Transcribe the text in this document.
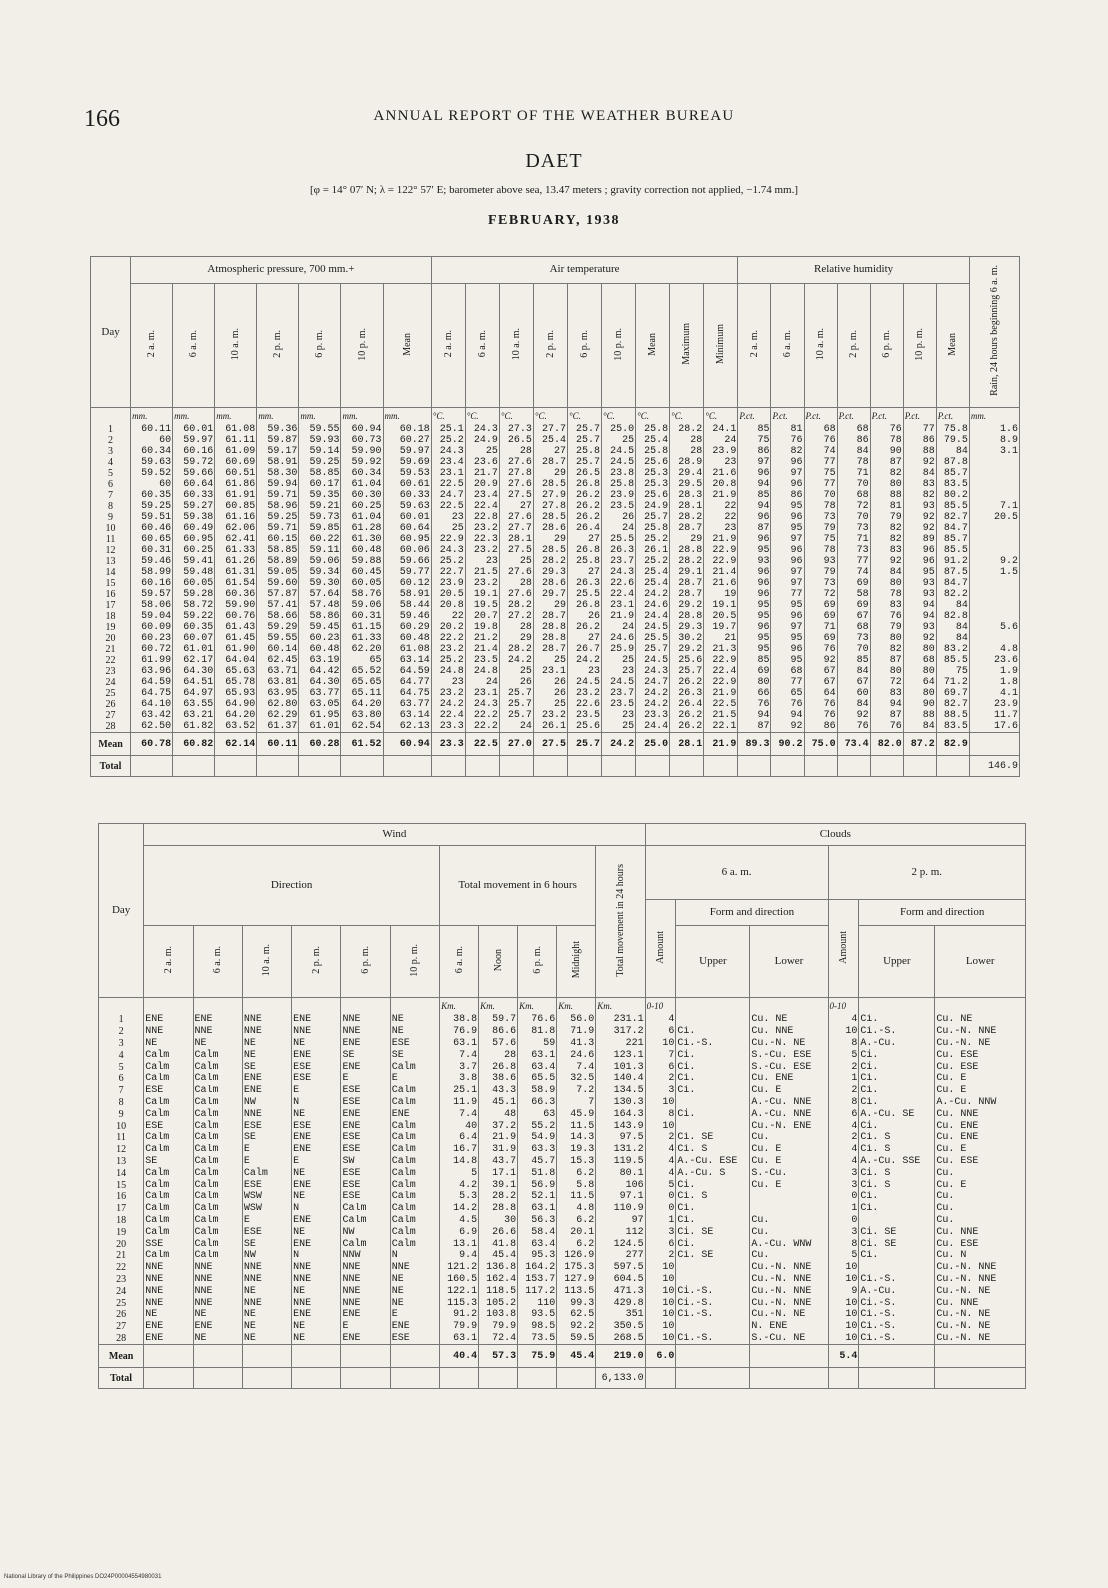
166	ANNUAL REPORT OF THE WEATHER BUREAU
DAET
[φ = 14° 07′ N; λ = 122° 57′ E; barometer above sea, 13.47 meters ; gravity correction not applied, −1.74 mm.]
FEBRUARY, 1938
Day	Atmospheric pressure, 700 mm.+							Air temperature									Relative humidity							Rain, 24 hours beginning 6 a. m.
	2 a. m.	6 a. m.	10 a. m.	2 p. m.	6 p. m.	10 p. m.	Mean	2 a. m.	6 a. m.	10 a. m.	2 p. m.	6 p. m.	10 p. m.	Mean	Maximum	Minimum	2 a. m.	6 a. m.	10 a. m.	2 p. m.	6 p. m.	10 p. m.	Mean	
	mm.	mm.	mm.	mm.	mm.	mm.	mm.	°C.	°C.	°C.	°C.	°C.	°C.	°C.	°C.	°C.	P.ct.	P.ct.	P.ct.	P.ct.	P.ct.	P.ct.	P.ct.	mm.
1	60.11	60.01	61.08	59.36	59.55	60.94	60.18	25.1	24.3	27.3	27.7	25.7	25.0	25.8	28.2	24.1	85	81	68	68	76	77	75.8	1.6
2	60	59.97	61.11	59.87	59.93	60.73	60.27	25.2	24.9	26.5	25.4	25.7	25	25.4	28	24	75	76	76	86	78	86	79.5	8.9
3	60.34	60.16	61.09	59.17	59.14	59.90	59.97	24.3	25	28	27	25.8	24.5	25.8	28	23.9	86	82	74	84	90	88	84	3.1
4	59.63	59.72	60.69	58.91	59.25	59.92	59.69	23.4	23.6	27.6	28.7	25.7	24.5	25.6	28.9	23	97	96	77	78	87	92	87.8	
5	59.52	59.66	60.51	58.30	58.85	60.34	59.53	23.1	21.7	27.8	29	26.5	23.8	25.3	29.4	21.6	96	97	75	71	82	84	85.7	
6	60	60.64	61.86	59.94	60.17	61.04	60.61	22.5	20.9	27.6	28.5	26.8	25.8	25.3	29.5	20.8	94	96	77	70	80	83	83.5	
7	60.35	60.33	61.91	59.71	59.35	60.30	60.33	24.7	23.4	27.5	27.9	26.2	23.9	25.6	28.3	21.9	85	86	70	68	88	82	80.2	
8	59.25	59.27	60.85	58.96	59.21	60.25	59.63	22.5	22.4	27	27.8	26.2	23.5	24.9	28.1	22	94	95	78	72	81	93	85.5	7.1
9	59.51	59.38	61.16	59.25	59.73	61.04	60.01	23	22.8	27.6	28.5	26.2	26	25.7	28.2	22	96	96	73	70	79	92	82.7	20.5
10	60.46	60.49	62.06	59.71	59.85	61.28	60.64	25	23.2	27.7	28.6	26.4	24	25.8	28.7	23	87	95	79	73	82	92	84.7	
11	60.65	60.95	62.41	60.15	60.22	61.30	60.95	22.9	22.3	28.1	29	27	25.5	25.2	29	21.9	96	97	75	71	82	89	85.7	
12	60.31	60.25	61.33	58.85	59.11	60.48	60.06	24.3	23.2	27.5	28.5	26.8	26.3	26.1	28.8	22.9	95	96	78	73	83	96	85.5	
13	59.46	59.41	61.26	58.89	59.06	59.88	59.66	25.2	23	25	28.2	25.8	23.7	25.2	28.2	22.9	93	96	93	77	92	96	91.2	9.2
14	58.99	59.48	61.31	59.05	59.34	60.45	59.77	22.7	21.5	27.6	29.3	27	24.3	25.4	29.1	21.4	96	97	79	74	84	95	87.5	1.5
15	60.16	60.05	61.54	59.60	59.30	60.05	60.12	23.9	23.2	28	28.6	26.3	22.6	25.4	28.7	21.6	96	97	73	69	80	93	84.7	
16	59.57	59.28	60.36	57.87	57.64	58.76	58.91	20.5	19.1	27.6	29.7	25.5	22.4	24.2	28.7	19	96	77	72	58	78	93	82.2	
17	58.06	58.72	59.90	57.41	57.48	59.06	58.44	20.8	19.5	28.2	29	26.8	23.1	24.6	29.2	19.1	95	95	69	69	83	94	84	
18	59.04	59.22	60.76	58.66	58.86	60.31	59.46	22	20.7	27.2	28.7	26	21.9	24.4	28.8	20.5	95	96	69	67	76	94	82.8	
19	60.09	60.35	61.43	59.29	59.45	61.15	60.29	20.2	19.8	28	28.8	26.2	24	24.5	29.3	19.7	96	97	71	68	79	93	84	5.6
20	60.23	60.07	61.45	59.55	60.23	61.33	60.48	22.2	21.2	29	28.8	27	24.6	25.5	30.2	21	95	95	69	73	80	92	84	
21	60.72	61.01	61.90	60.14	60.48	62.20	61.08	23.2	21.4	28.2	28.7	26.7	25.9	25.7	29.2	21.3	95	96	76	70	82	80	83.2	4.8
22	61.99	62.17	64.04	62.45	63.19	65	63.14	25.2	23.5	24.2	25	24.2	25	24.5	25.6	22.9	85	95	92	85	87	68	85.5	23.6
23	63.96	64.30	65.63	63.71	64.42	65.52	64.59	24.8	24.8	25	23.1	23	23	24.3	25.7	22.4	69	68	67	84	80	80	75	1.9
24	64.59	64.51	65.78	63.81	64.30	65.65	64.77	23	24	26	26	24.5	24.5	24.7	26.2	22.9	80	77	67	67	72	64	71.2	1.8
25	64.75	64.97	65.93	63.95	63.77	65.11	64.75	23.2	23.1	25.7	26	23.2	23.7	24.2	26.3	21.9	66	65	64	60	83	80	69.7	4.1
26	64.10	63.55	64.90	62.80	63.05	64.20	63.77	24.2	24.3	25.7	25	22.6	23.5	24.2	26.4	22.5	76	76	76	84	94	90	82.7	23.9
27	63.42	63.21	64.20	62.29	61.95	63.80	63.14	22.4	22.2	25.7	23.2	23.5	23	23.3	26.2	21.5	94	94	76	92	87	88	88.5	11.7
28	62.50	61.82	63.52	61.37	61.01	62.54	62.13	23.3	22.2	24	26.1	25.6	25	24.4	26.2	22.1	87	92	86	76	76	84	83.5	17.6
Mean	60.78	60.82	62.14	60.11	60.28	61.52	60.94	23.3	22.5	27.0	27.5	25.7	24.2	25.0	28.1	21.9	89.3	90.2	75.0	73.4	82.0	87.2	82.9	
Total																								146.9
Day	Wind											Clouds					
	Direction						Total movement in 6 hours				Total movement in 24 hours	6 a. m.			2 p. m.		
												Amount	Form and direction		Amount	Form and direction	
	2 a. m.	6 a. m.	10 a. m.	2 p. m.	6 p. m.	10 p. m.	6 a. m.	Noon	6 p. m.	Midnight			Upper	Lower		Upper	Lower
							Km.	Km.	Km.	Km.	Km.	0-10			0-10		
1	ENE	ENE	NNE	ENE	NNE	NE	38.8	59.7	76.6	56.0	231.1	4		Cu. NE	4	Ci.	Cu. NE
2	NNE	NNE	NNE	NNE	NNE	NE	76.9	86.6	81.8	71.9	317.2	6	Ci.	Cu. NNE	10	Ci.-S.	Cu.-N. NNE
3	NE	NE	NE	NE	ENE	ESE	63.1	57.6	59	41.3	221	10	Ci.-S.	Cu.-N. NE	8	A.-Cu.	Cu.-N. NE
4	Calm	Calm	NE	ENE	SE	SE	7.4	28	63.1	24.6	123.1	7	Ci.	S.-Cu. ESE	5	Ci.	Cu. ESE
5	Calm	Calm	SE	ESE	ENE	Calm	3.7	26.8	63.4	7.4	101.3	6	Ci.	S.-Cu. ESE	2	Ci.	Cu. ESE
6	Calm	Calm	ENE	ESE	E	E	3.8	38.6	65.5	32.5	140.4	2	Ci.	Cu. ENE	1	Ci.	Cu. E
7	ESE	Calm	ENE	E	ESE	Calm	25.1	43.3	58.9	7.2	134.5	3	Ci.	Cu. E	2	Ci.	Cu. E
8	Calm	Calm	NW	N	ESE	Calm	11.9	45.1	66.3	7	130.3	10		A.-Cu. NNE	8	Ci.	A.-Cu. NNW
9	Calm	Calm	NNE	NE	ENE	ENE	7.4	48	63	45.9	164.3	8	Ci.	A.-Cu. NNE	6	A.-Cu. SE	Cu. NNE
10	ESE	Calm	ESE	ESE	ENE	Calm	40	37.2	55.2	11.5	143.9	10		Cu.-N. ENE	4	Ci.	Cu. ENE
11	Calm	Calm	SE	ENE	ESE	Calm	6.4	21.9	54.9	14.3	97.5	2	Ci. SE	Cu.	2	Ci. S	Cu. ENE
12	Calm	Calm	E	ENE	ESE	Calm	16.7	31.9	63.3	19.3	131.2	4	Ci. S	Cu. E	4	Ci. S	Cu. E
13	SE	Calm	E	E	SW	Calm	14.8	43.7	45.7	15.3	119.5	4	A.-Cu. ESE	Cu. E	4	A.-Cu. SSE	Cu. ESE
14	Calm	Calm	Calm	NE	ESE	Calm	5	17.1	51.8	6.2	80.1	4	A.-Cu. S	S.-Cu.	3	Ci. S	Cu.
15	Calm	Calm	ESE	ENE	ESE	Calm	4.2	39.1	56.9	5.8	106	5	Ci.	Cu. E	3	Ci. S	Cu. E
16	Calm	Calm	WSW	NE	ESE	Calm	5.3	28.2	52.1	11.5	97.1	0	Ci. S		0	Ci.	Cu.
17	Calm	Calm	WSW	N	Calm	Calm	14.2	28.8	63.1	4.8	110.9	0	Ci.		1	Ci.	Cu.
18	Calm	Calm	E	ENE	Calm	Calm	4.5	30	56.3	6.2	97	1	Ci.	Cu.	0		Cu.
19	Calm	Calm	ESE	NE	NW	Calm	6.9	26.6	58.4	20.1	112	3	Ci. SE	Cu.	3	Ci. SE	Cu. NNE
20	SSE	Calm	SE	ENE	Calm	Calm	13.1	41.8	63.4	6.2	124.5	6	Ci.	A.-Cu. WNW	8	Ci. SE	Cu. ESE
21	Calm	Calm	NW	N	NNW	N	9.4	45.4	95.3	126.9	277	2	Ci. SE	Cu.	5	Ci.	Cu. N
22	NNE	NNE	NNE	NNE	NNE	NNE	121.2	136.8	164.2	175.3	597.5	10		Cu.-N. NNE	10		Cu.-N. NNE
23	NNE	NNE	NNE	NNE	NNE	NE	160.5	162.4	153.7	127.9	604.5	10		Cu.-N. NNE	10	Ci.-S.	Cu.-N. NNE
24	NNE	NNE	NE	NE	NNE	NE	122.1	118.5	117.2	113.5	471.3	10	Ci.-S.	Cu.-N. NNE	9	A.-Cu.	Cu.-N. NE
25	NNE	NNE	NNE	NNE	NNE	NE	115.3	105.2	110	99.3	429.8	10	Ci.-S.	Cu.-N. NNE	10	Ci.-S.	Cu. NNE
26	NE	NE	NE	ENE	ENE	E	91.2	103.8	93.5	62.5	351	10	Ci.-S.	Cu.-N. NE	10	Ci.-S.	Cu.-N. NE
27	ENE	ENE	NE	NE	E	ENE	79.9	79.9	98.5	92.2	350.5	10		N. ENE	10	Ci.-S.	Cu.-N. NE
28	ENE	NE	NE	NE	ENE	ESE	63.1	72.4	73.5	59.5	268.5	10	Ci.-S.	S.-Cu. NE	10	Ci.-S.	Cu.-N. NE
Mean							40.4	57.3	75.9	45.4	219.0	6.0			5.4		
Total											6,133.0						
National Library of the Philippines DO24P00004554980031
